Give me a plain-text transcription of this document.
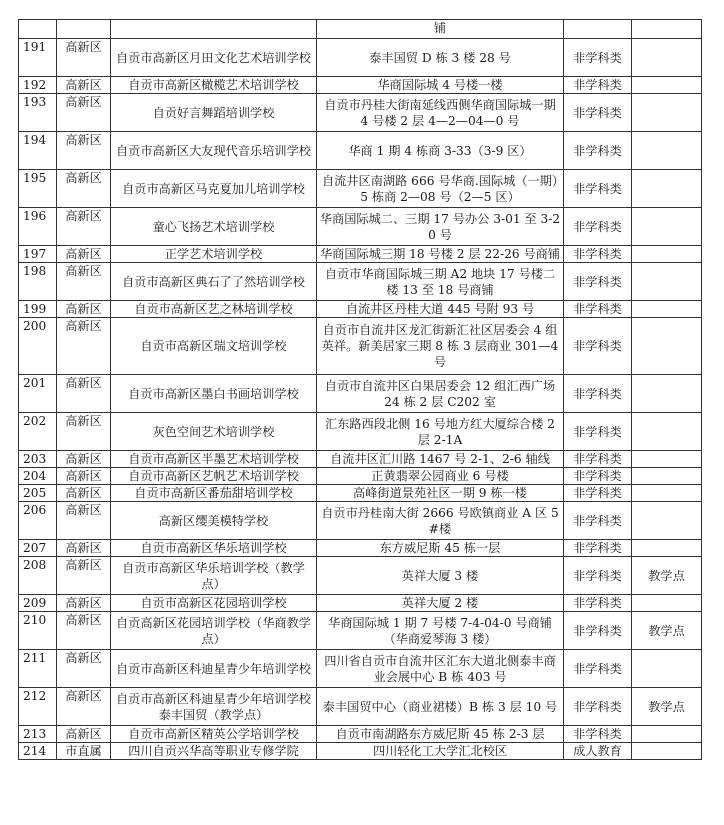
			铺		
191	高新区	自贡市高新区月田文化艺术培训学校	泰丰国贸 D 栋 3 楼 28 号	非学科类	
192	高新区	自贡市高新区橄榄艺术培训学校	华商国际城 4 号楼一楼	非学科类	
193	高新区	自贡好言舞蹈培训学校	自贡市丹桂大街南延线西侧华商国际城一期 4 号楼 2 层 4—2—04—0 号	非学科类	
194	高新区	自贡市高新区大友现代音乐培训学校	华商 1 期 4 栋商 3-33（3-9 区）	非学科类	
195	高新区	自贡市高新区马克夏加儿培训学校	自流井区南湖路 666 号华商.国际城（一期）5 栋商 2—08 号（2—5 区）	非学科类	
196	高新区	童心飞扬艺术培训学校	华商国际城二、三期 17 号办公 3-01 至 3-20 号	非学科类	
197	高新区	正学艺术培训学校	华商国际城三期 18 号楼 2 层 22-26 号商铺	非学科类	
198	高新区	自贡市高新区典石了了然培训学校	自贡市华商国际城三期 A2 地块 17 号楼二楼 13 至 18 号商铺	非学科类	
199	高新区	自贡市高新区艺之林培训学校	自流井区丹桂大道 445 号附 93 号	非学科类	
200	高新区	自贡市高新区瑞文培训学校	自贡市自流井区龙汇街新汇社区居委会 4 组英祥。新美居家三期 8 栋 3 层商业 301—4 号	非学科类	
201	高新区	自贡市高新区墨白书画培训学校	自贡市自流井区白果居委会 12 组汇西广场 24 栋 2 层 C202 室	非学科类	
202	高新区	灰色空间艺术培训学校	汇东路西段北侧 16 号地方红大厦综合楼 2 层 2-1A	非学科类	
203	高新区	自贡市高新区半墨艺术培训学校	自流井区汇川路 1467 号 2-1、2-6 轴线	非学科类	
204	高新区	自贡市高新区艺帆艺术培训学校	正黄翡翠公园商业 6 号楼	非学科类	
205	高新区	自贡市高新区番茄甜培训学校	高峰街道景苑社区一期 9 栋一楼	非学科类	
206	高新区	高新区缨美模特学校	自贡市丹桂南大街 2666 号欧镇商业 A 区 5#楼	非学科类	
207	高新区	自贡市高新区华乐培训学校	东方威尼斯 45 栋一层	非学科类	
208	高新区	自贡市高新区华乐培训学校（教学点）	英祥大厦 3 楼	非学科类	教学点
209	高新区	自贡市高新区花园培训学校	英祥大厦 2 楼	非学科类	
210	高新区	自贡高新区花园培训学校（华商教学点）	华商国际城 1 期 7 号楼 7-4-04-0 号商铺（华商爱琴海 3 楼）	非学科类	教学点
211	高新区	自贡市高新区科迪星青少年培训学校	四川省自贡市自流井区汇东大道北侧泰丰商业会展中心 B 栋 403 号	非学科类	
212	高新区	自贡市高新区科迪星青少年培训学校泰丰国贸（教学点）	泰丰国贸中心（商业裙楼）B 栋 3 层 10 号	非学科类	教学点
213	高新区	自贡市高新区精英公学培训学校	自贡市南湖路东方威尼斯 45 栋 2-3 层	非学科类	
214	市直属	四川自贡兴华高等职业专修学院	四川轻化工大学汇北校区	成人教育	
